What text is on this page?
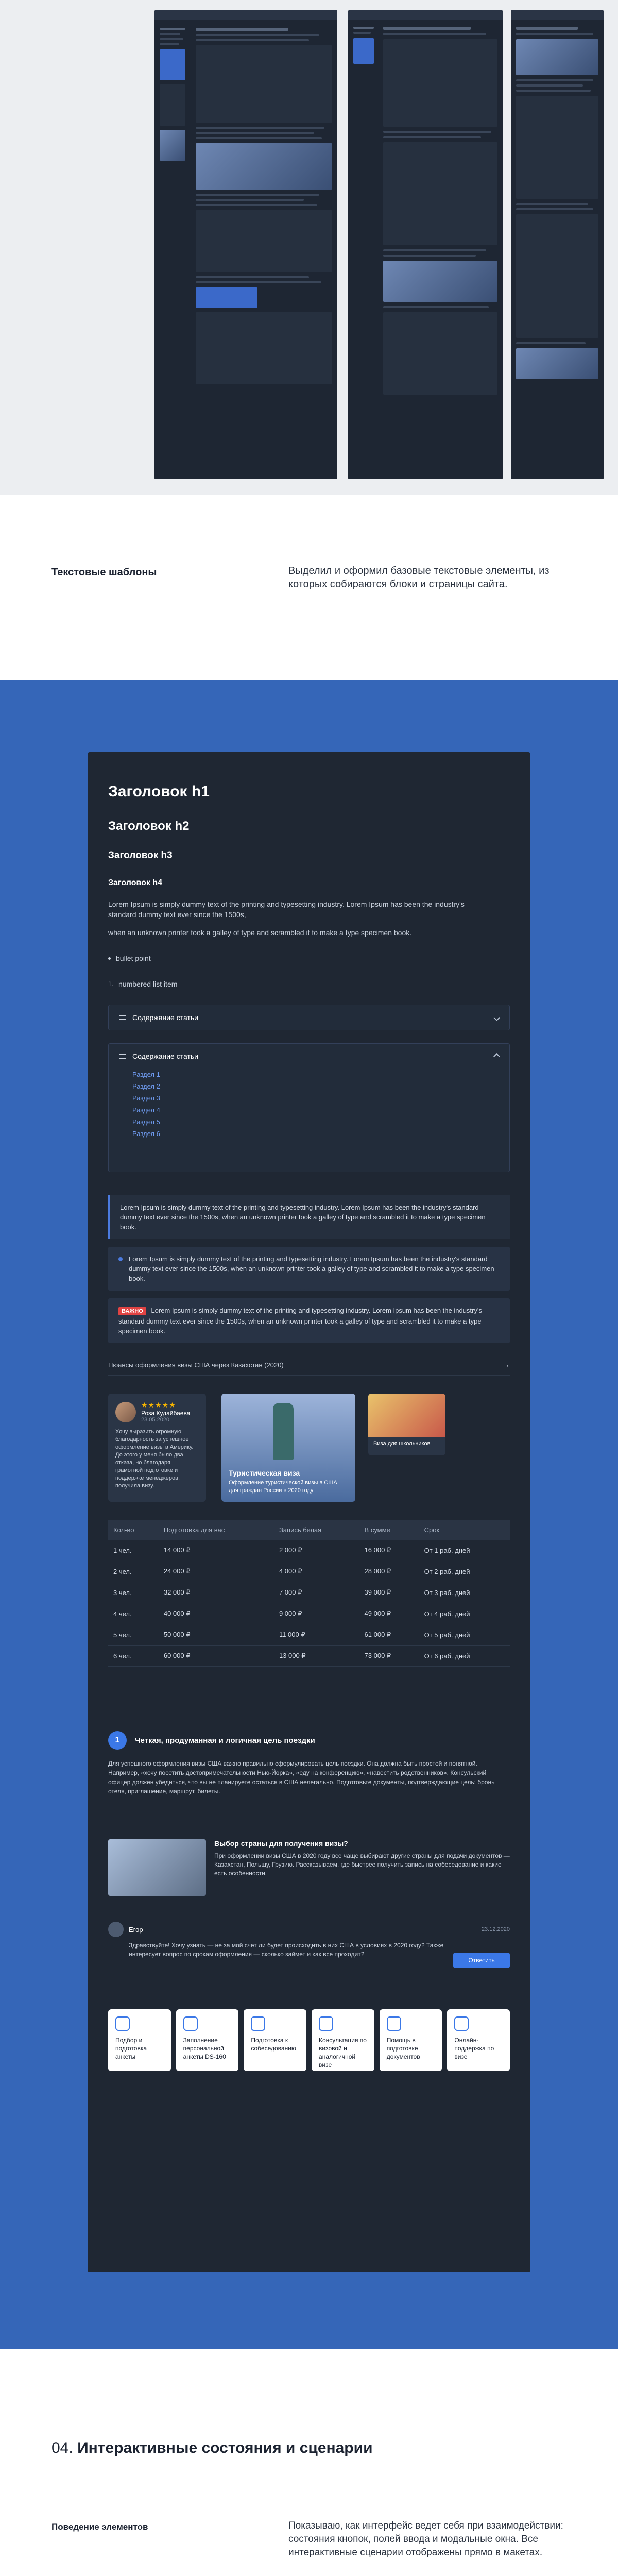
Текстовые шаблоны	Выделил и оформил базовые текстовые элементы, из которых собираются блоки и страницы сайта.
Заголовок h1
Заголовок h2
Заголовок h3
Заголовок h4
Lorem Ipsum is simply dummy text of the printing and typesetting industry. Lorem Ipsum has been the industry's standard dummy text ever since the 1500s,
when an unknown printer took a galley of type and scrambled it to make a type specimen book.
bullet point
1. numbered list item
Содержание статьи
Содержание статьи
Раздел 1
Раздел 2
Раздел 3
Раздел 4
Раздел 5
Раздел 6
Lorem Ipsum is simply dummy text of the printing and typesetting industry. Lorem Ipsum has been the industry's standard dummy text ever since the 1500s, when an unknown printer took a galley of type and scrambled it to make a type specimen book.
Lorem Ipsum is simply dummy text of the printing and typesetting industry. Lorem Ipsum has been the industry's standard dummy text ever since the 1500s, when an unknown printer took a galley of type and scrambled it to make a type specimen book.
ВАЖНО Lorem Ipsum is simply dummy text of the printing and typesetting industry. Lorem Ipsum has been the industry's standard dummy text ever since the 1500s, when an unknown printer took a galley of type and scrambled it to make a type specimen book.
Нюансы оформления визы США через Казахстан (2020)	→
★★★★★
Роза Кудайбаева
23.05.2020
Хочу выразить огромную благодарность за успешное оформление визы в Америку. До этого у меня было два отказа, но благодаря грамотной подготовке и поддержке менеджеров, получила визу.
Туристическая виза
Оформление туристической визы в США для граждан России в 2020 году
Виза для школьников
Кол-во	Подготовка для вас	Запись белая	В сумме	Срок
1 чел.	14 000 ₽	2 000 ₽	16 000 ₽	От 1 раб. дней
2 чел.	24 000 ₽	4 000 ₽	28 000 ₽	От 2 раб. дней
3 чел.	32 000 ₽	7 000 ₽	39 000 ₽	От 3 раб. дней
4 чел.	40 000 ₽	9 000 ₽	49 000 ₽	От 4 раб. дней
5 чел.	50 000 ₽	11 000 ₽	61 000 ₽	От 5 раб. дней
6 чел.	60 000 ₽	13 000 ₽	73 000 ₽	От 6 раб. дней
1	Четкая, продуманная и логичная цель поездки
Для успешного оформления визы США важно правильно сформулировать цель поездки. Она должна быть простой и понятной. Например, «хочу посетить достопримечательности Нью-Йорка», «еду на конференцию», «навестить родственников». Консульский офицер должен убедиться, что вы не планируете остаться в США нелегально. Подготовьте документы, подтверждающие цель: бронь отеля, приглашение, маршрут, билеты.
Выбор страны для получения визы?
При оформлении визы США в 2020 году все чаще выбирают другие страны для подачи документов — Казахстан, Польшу, Грузию. Рассказываем, где быстрее получить запись на собеседование и какие есть особенности.
Егор	23.12.2020
Здравствуйте! Хочу узнать — не за мой счет ли будет происходить в них США в условиях в 2020 году? Также интересует вопрос по срокам оформления — сколько займет и как все проходит?
Ответить
Подбор и подготовка анкеты
Заполнение персональной анкеты DS-160
Подготовка к собеседованию
Консультация по визовой и аналогичной визе
Помощь в подготовке документов
Онлайн-поддержка по визе
04. Интерактивные состояния и сценарии
Поведение элементов	Показываю, как интерфейс ведет себя при взаимодействии: состояния кнопок, полей ввода и модальные окна. Все интерактивные сценарии отображены прямо в макетах.
